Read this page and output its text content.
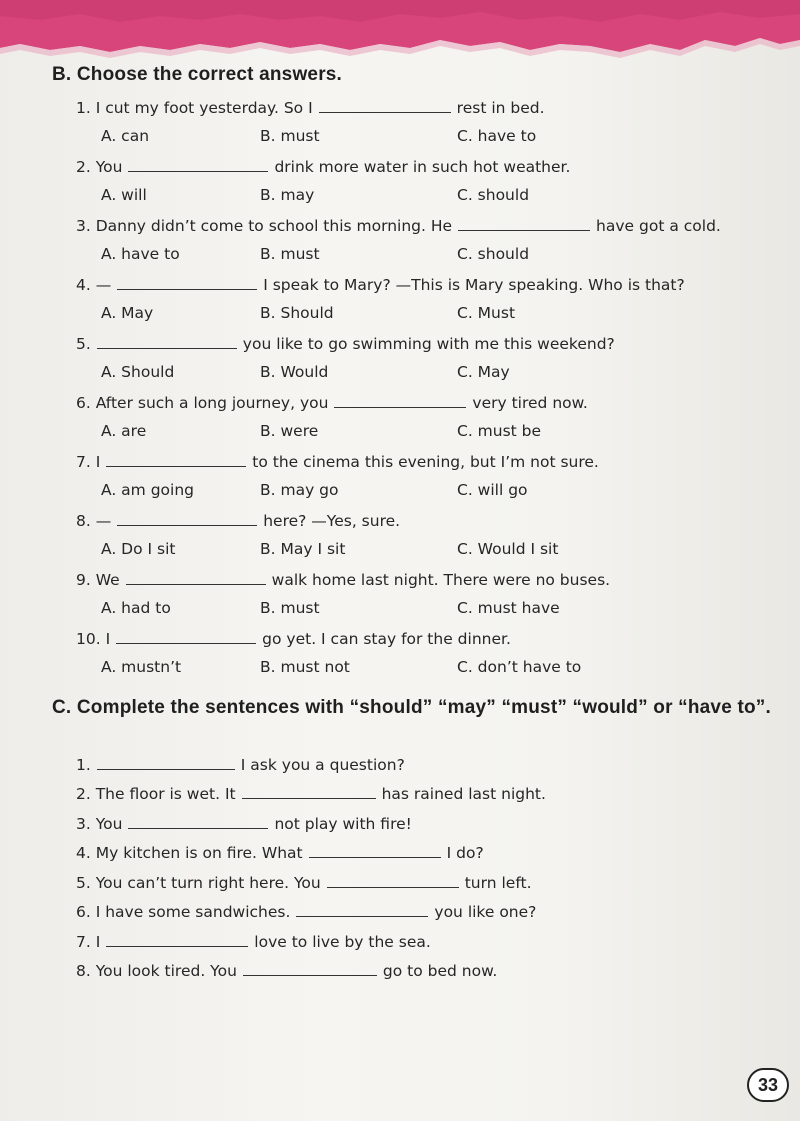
B. Choose the correct answers.
1. I cut my foot yesterday. So I	rest in bed.
A. can	B. must	C. have to
2. You	drink more water in such hot weather.
A. will	B. may	C. should
3. Danny didn’t come to school this morning. He	have got a cold.
A. have to	B. must	C. should
4. —	I speak to Mary? —This is Mary speaking. Who is that?
A. May	B. Should	C. Must
5.	you like to go swimming with me this weekend?
A. Should	B. Would	C. May
6. After such a long journey, you	very tired now.
A. are	B. were	C. must be
7. I	to the cinema this evening, but I’m not sure.
A. am going	B. may go	C. will go
8. —	here? —Yes, sure.
A. Do I sit	B. May I sit	C. Would I sit
9. We	walk home last night. There were no buses.
A. had to	B. must	C. must have
10. I	go yet. I can stay for the dinner.
A. mustn’t	B. must not	C. don’t have to
C. Complete the sentences with “should” “may” “must” “would” or “have to”.
1.	I ask you a question?
2. The floor is wet. It	has rained last night.
3. You	not play with fire!
4. My kitchen is on fire. What	I do?
5. You can’t turn right here. You	turn left.
6. I have some sandwiches.	you like one?
7. I	love to live by the sea.
8. You look tired. You	go to bed now.
33
